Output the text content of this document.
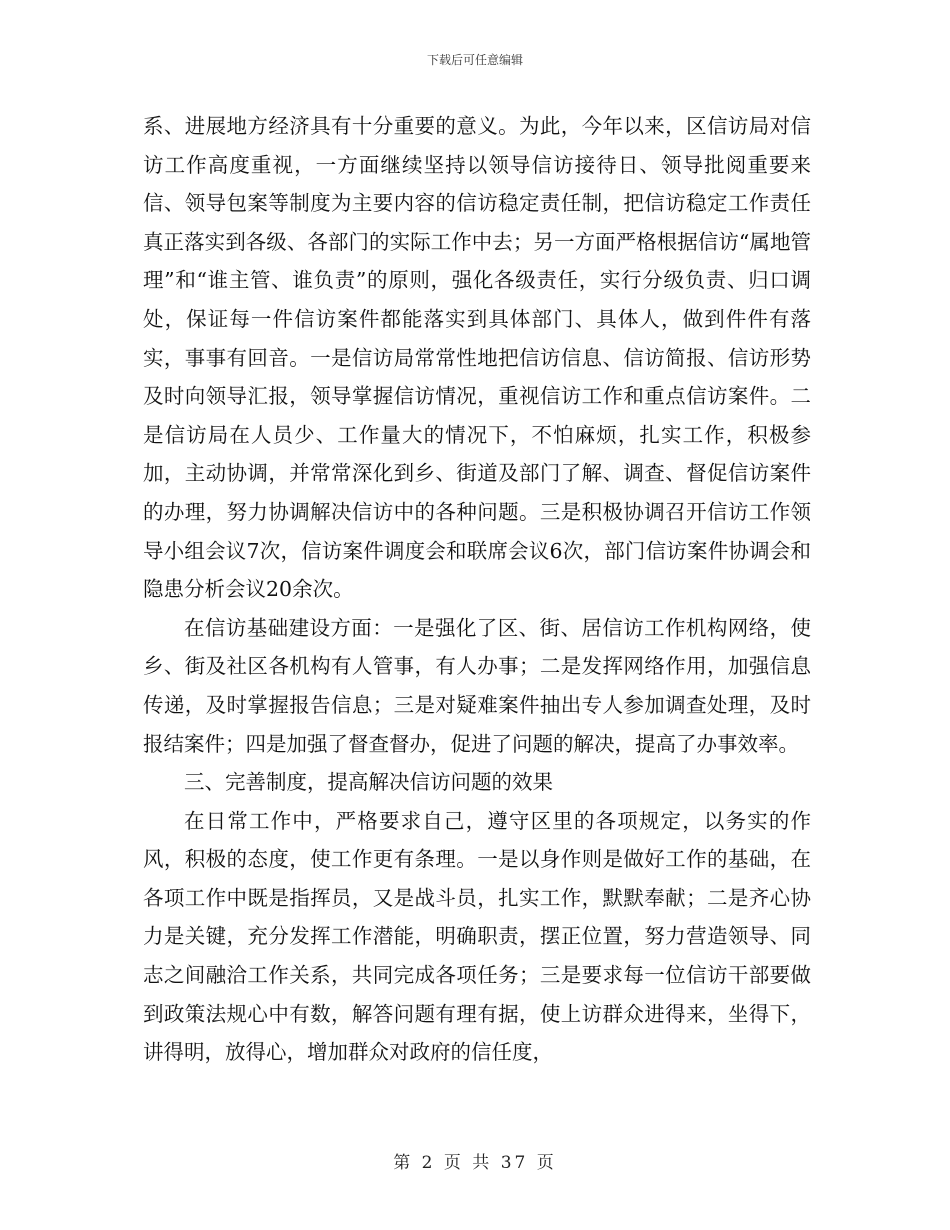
下载后可任意编辑

系、进展地方经济具有十分重要的意义。为此，今年以来，区信访局对信访工作高度重视，一方面继续坚持以领导信访接待日、领导批阅重要来信、领导包案等制度为主要内容的信访稳定责任制，把信访稳定工作责任真正落实到各级、各部门的实际工作中去；另一方面严格根据信访“属地管理”和“谁主管、谁负责”的原则，强化各级责任，实行分级负责、归口调处，保证每一件信访案件都能落实到具体部门、具体人，做到件件有落实，事事有回音。一是信访局常常性地把信访信息、信访简报、信访形势及时向领导汇报，领导掌握信访情况，重视信访工作和重点信访案件。二是信访局在人员少、工作量大的情况下，不怕麻烦，扎实工作，积极参加，主动协调，并常常深化到乡、街道及部门了解、调查、督促信访案件的办理，努力协调解决信访中的各种问题。三是积极协调召开信访工作领导小组会议7次，信访案件调度会和联席会议6次，部门信访案件协调会和隐患分析会议20余次。

在信访基础建设方面：一是强化了区、街、居信访工作机构网络，使乡、街及社区各机构有人管事，有人办事；二是发挥网络作用，加强信息传递，及时掌握报告信息；三是对疑难案件抽出专人参加调查处理，及时报结案件；四是加强了督查督办，促进了问题的解决，提高了办事效率。

三、完善制度，提高解决信访问题的效果

在日常工作中，严格要求自己，遵守区里的各项规定，以务实的作风，积极的态度，使工作更有条理。一是以身作则是做好工作的基础，在各项工作中既是指挥员，又是战斗员，扎实工作，默默奉献；二是齐心协力是关键，充分发挥工作潜能，明确职责，摆正位置，努力营造领导、同志之间融洽工作关系，共同完成各项任务；三是要求每一位信访干部要做到政策法规心中有数，解答问题有理有据，使上访群众进得来，坐得下，讲得明，放得心，增加群众对政府的信任度，

第 2 页 共 37 页
